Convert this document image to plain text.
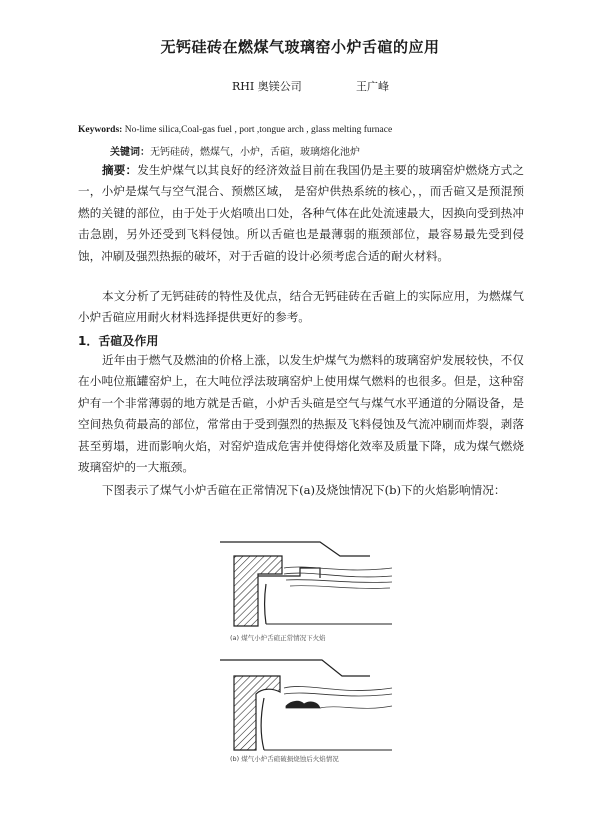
无钙硅砖在燃煤气玻璃窑小炉舌碹的应用
RHI 奥镁公司	王广峰
Keywords: No-lime silica,Coal-gas fuel , port ,tongue arch , glass melting furnace
关键词：无钙硅砖，燃煤气，小炉，舌碹，玻璃熔化池炉

摘要：发生炉煤气以其良好的经济效益目前在我国仍是主要的玻璃窑炉燃烧方式之一，小炉是煤气与空气混合、预燃区域， 是窑炉供热系统的核心，，而舌碹又是预混预燃的关键的部位，由于处于火焰喷出口处，各种气体在此处流速最大，因换向受到热冲击急剧，另外还受到飞料侵蚀。所以舌碹也是最薄弱的瓶颈部位，最容易最先受到侵蚀，冲刷及强烈热振的破坏，对于舌碹的设计必须考虑合适的耐火材料。

本文分析了无钙硅砖的特性及优点，结合无钙硅砖在舌碹上的实际应用，为燃煤气小炉舌碹应用耐火材料选择提供更好的参考。

1．舌碹及作用

近年由于燃气及燃油的价格上涨，以发生炉煤气为燃料的玻璃窑炉发展较快，不仅在小吨位瓶罐窑炉上，在大吨位浮法玻璃窑炉上使用煤气燃料的也很多。但是，这种窑炉有一个非常薄弱的地方就是舌碹，小炉舌头碹是空气与煤气水平通道的分隔设备，是空间热负荷最高的部位，常常由于受到强烈的热振及飞料侵蚀及气流冲刷而炸裂，剥落甚至剪塌，进而影响火焰，对窑炉造成危害并使得熔化效率及质量下降，成为煤气燃烧玻璃窑炉的一大瓶颈。

下图表示了煤气小炉舌碹在正常情况下(a)及烧蚀情况下(b)下的火焰影响情况：

(a) 煤气小炉舌碹正常情况下火焰
(b) 煤气小炉舌碹破损烧蚀后火焰情况
